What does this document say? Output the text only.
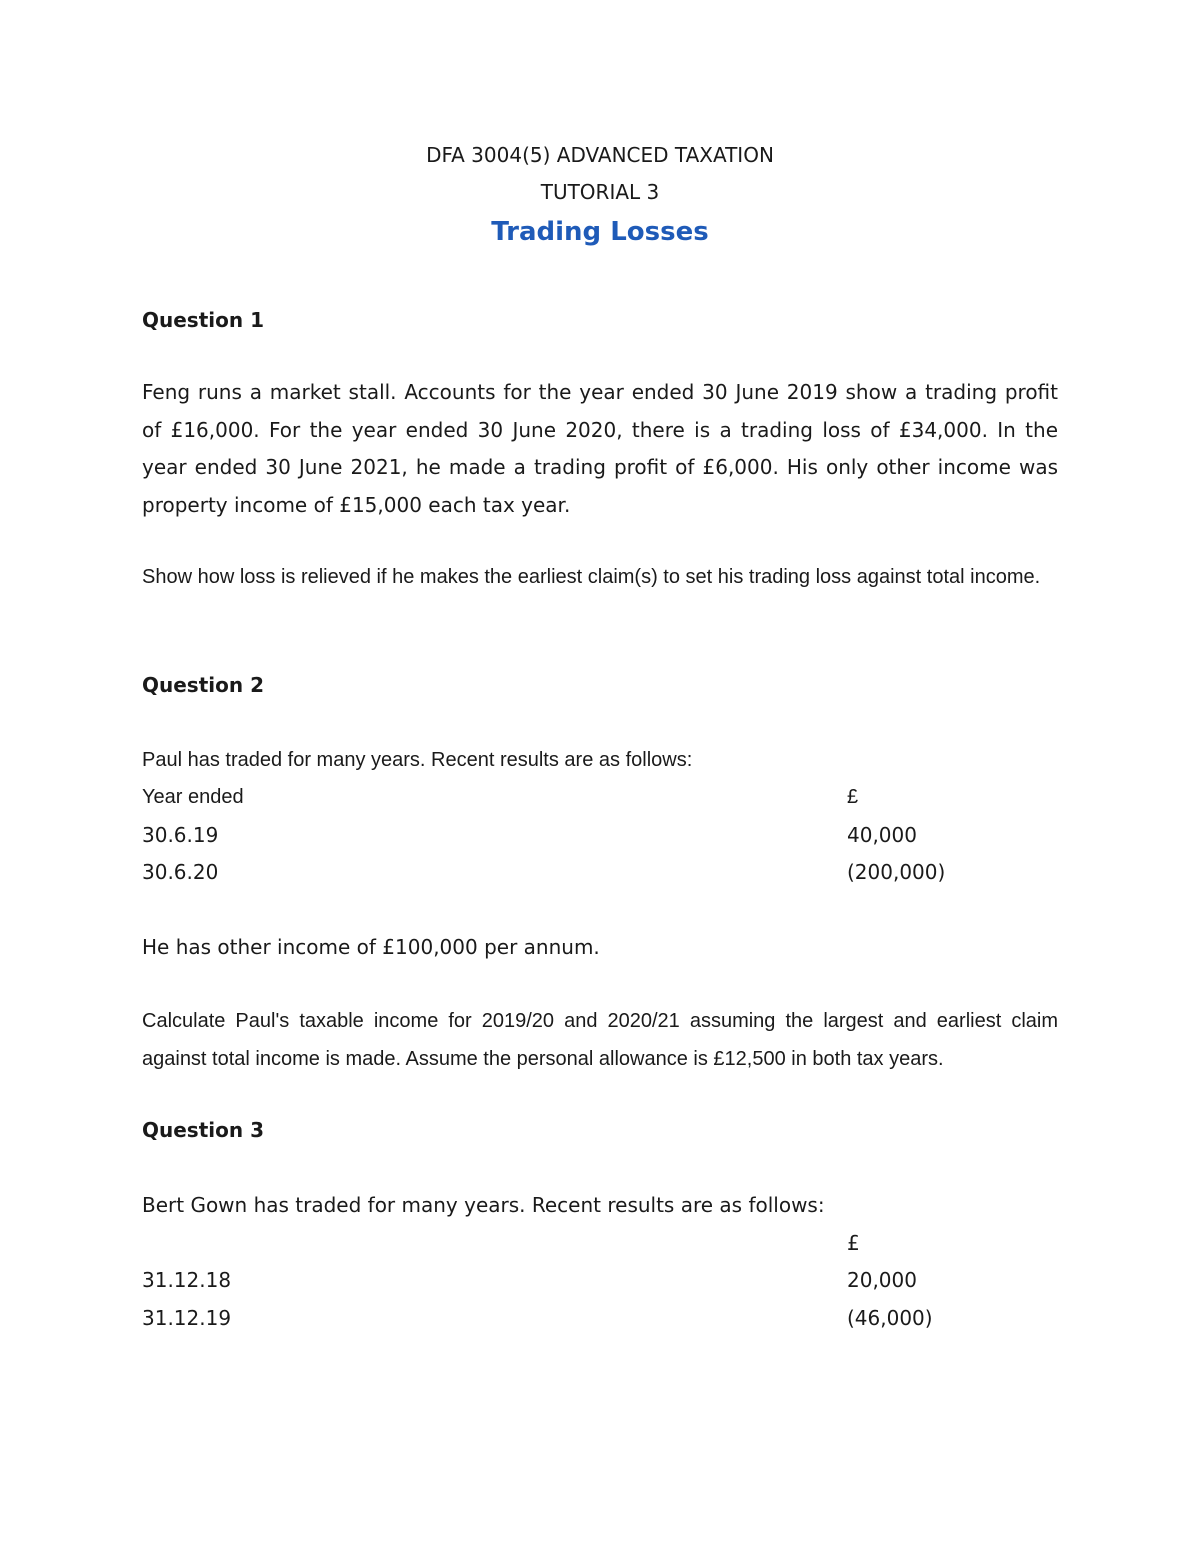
DFA 3004(5) ADVANCED TAXATION
TUTORIAL 3
Trading Losses
Question 1
Feng runs a market stall. Accounts for the year ended 30 June 2019 show a trading profit of £16,000. For the year ended 30 June 2020, there is a trading loss of £34,000. In the year ended 30 June 2021, he made a trading profit of £6,000. His only other income was property income of £15,000 each tax year.
Show how loss is relieved if he makes the earliest claim(s) to set his trading loss against total income.
Question 2
Paul has traded for many years. Recent results are as follows:
Year ended	£
30.6.19	40,000
30.6.20	(200,000)
He has other income of £100,000 per annum.
Calculate Paul's taxable income for 2019/20 and 2020/21 assuming the largest and earliest claim against total income is made. Assume the personal allowance is £12,500 in both tax years.
Question 3
Bert Gown has traded for many years. Recent results are as follows:
£
31.12.18	20,000
31.12.19	(46,000)
